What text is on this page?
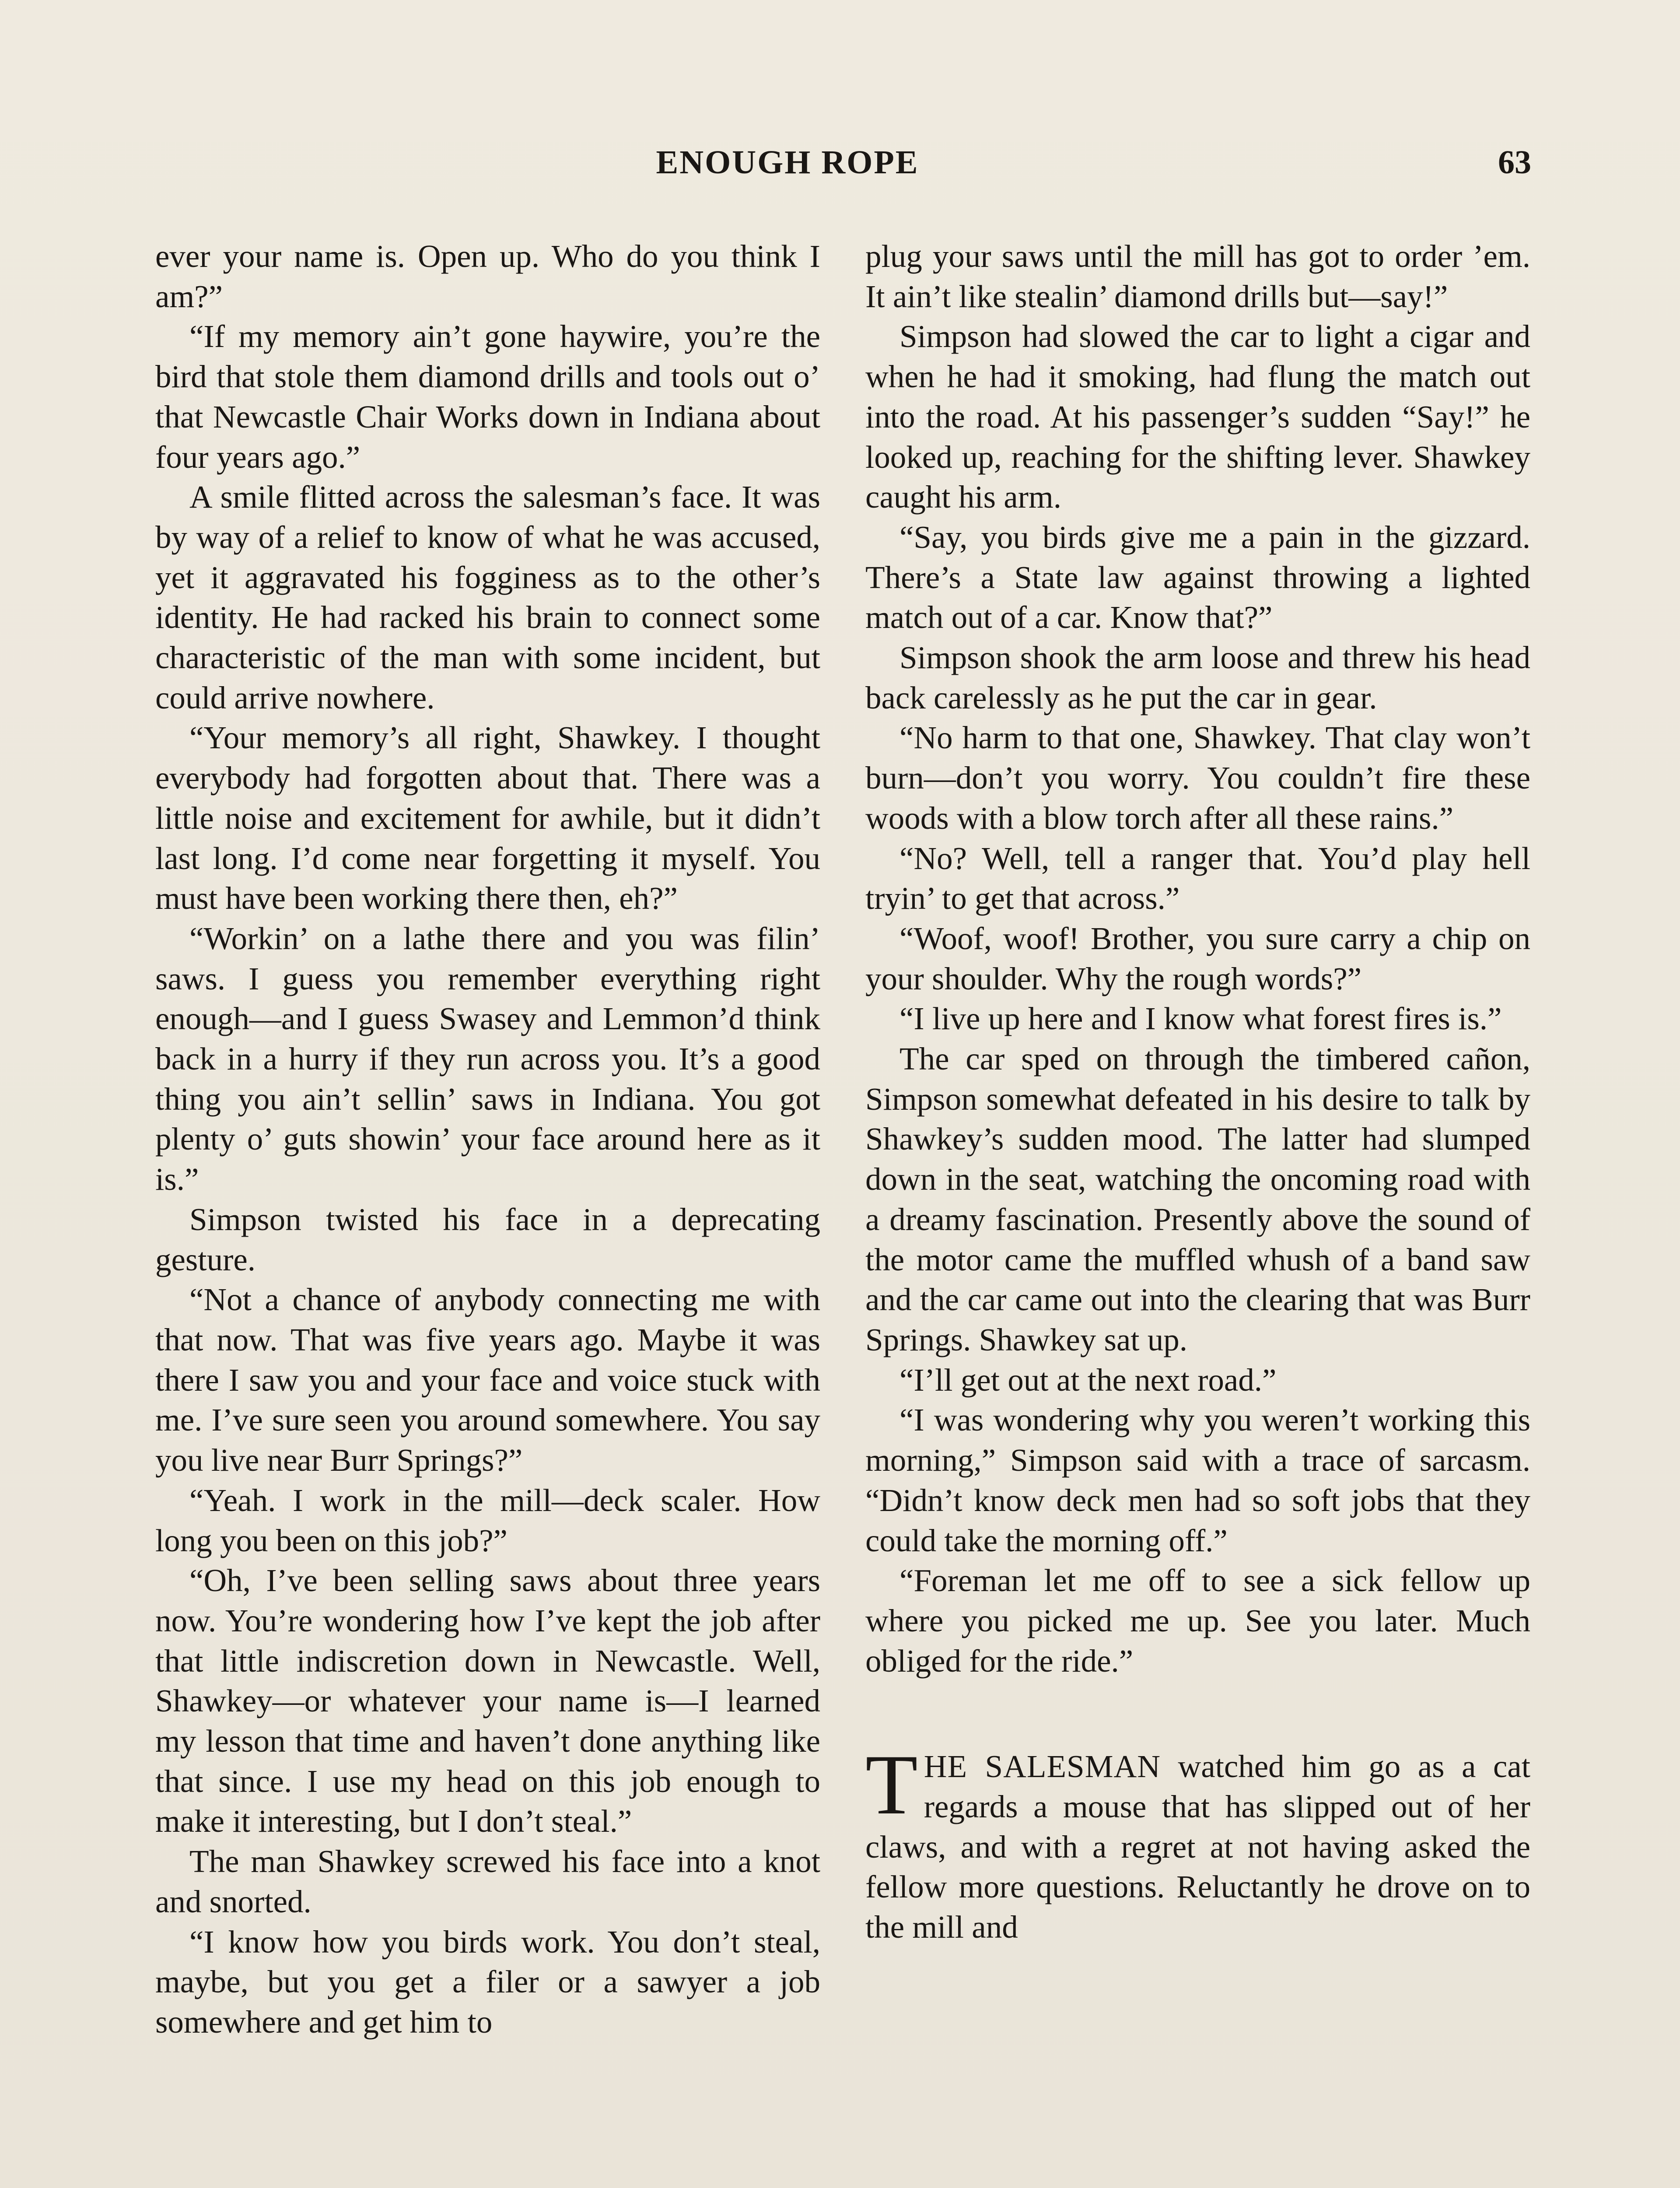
ENOUGH ROPE	63

ever your name is. Open up. Who do you think I am?”

“If my memory ain’t gone haywire, you’re the bird that stole them diamond drills and tools out o’ that Newcastle Chair Works down in Indiana about four years ago.”

A smile flitted across the salesman’s face. It was by way of a relief to know of what he was accused, yet it aggravated his fogginess as to the other’s identity. He had racked his brain to connect some characteristic of the man with some incident, but could arrive nowhere.

“Your memory’s all right, Shawkey. I thought everybody had forgotten about that. There was a little noise and excitement for awhile, but it didn’t last long. I’d come near forgetting it myself. You must have been working there then, eh?”

“Workin’ on a lathe there and you was filin’ saws. I guess you remember everything right enough—and I guess Swasey and Lemmon’d think back in a hurry if they run across you. It’s a good thing you ain’t sellin’ saws in Indiana. You got plenty o’ guts showin’ your face around here as it is.”

Simpson twisted his face in a deprecating gesture.

“Not a chance of anybody connecting me with that now. That was five years ago. Maybe it was there I saw you and your face and voice stuck with me. I’ve sure seen you around somewhere. You say you live near Burr Springs?”

“Yeah. I work in the mill—deck scaler. How long you been on this job?”

“Oh, I’ve been selling saws about three years now. You’re wondering how I’ve kept the job after that little indiscretion down in Newcastle. Well, Shawkey—or whatever your name is—I learned my lesson that time and haven’t done anything like that since. I use my head on this job enough to make it interesting, but I don’t steal.”

The man Shawkey screwed his face into a knot and snorted.

“I know how you birds work. You don’t steal, maybe, but you get a filer or a sawyer a job somewhere and get him to

plug your saws until the mill has got to order ’em. It ain’t like stealin’ diamond drills but—say!”

Simpson had slowed the car to light a cigar and when he had it smoking, had flung the match out into the road. At his passenger’s sudden “Say!” he looked up, reaching for the shifting lever. Shawkey caught his arm.

“Say, you birds give me a pain in the gizzard. There’s a State law against throwing a lighted match out of a car. Know that?”

Simpson shook the arm loose and threw his head back carelessly as he put the car in gear.

“No harm to that one, Shawkey. That clay won’t burn—don’t you worry. You couldn’t fire these woods with a blow torch after all these rains.”

“No? Well, tell a ranger that. You’d play hell tryin’ to get that across.”

“Woof, woof! Brother, you sure carry a chip on your shoulder. Why the rough words?”

“I live up here and I know what forest fires is.”

The car sped on through the timbered cañon, Simpson somewhat defeated in his desire to talk by Shawkey’s sudden mood. The latter had slumped down in the seat, watching the oncoming road with a dreamy fascination. Presently above the sound of the motor came the muffled whush of a band saw and the car came out into the clearing that was Burr Springs. Shawkey sat up.

“I’ll get out at the next road.”

“I was wondering why you weren’t working this morning,” Simpson said with a trace of sarcasm. “Didn’t know deck men had so soft jobs that they could take the morning off.”

“Foreman let me off to see a sick fellow up where you picked me up. See you later. Much obliged for the ride.”

THE SALESMAN watched him go as a cat regards a mouse that has slipped out of her claws, and with a regret at not having asked the fellow more questions. Reluctantly he drove on to the mill and
